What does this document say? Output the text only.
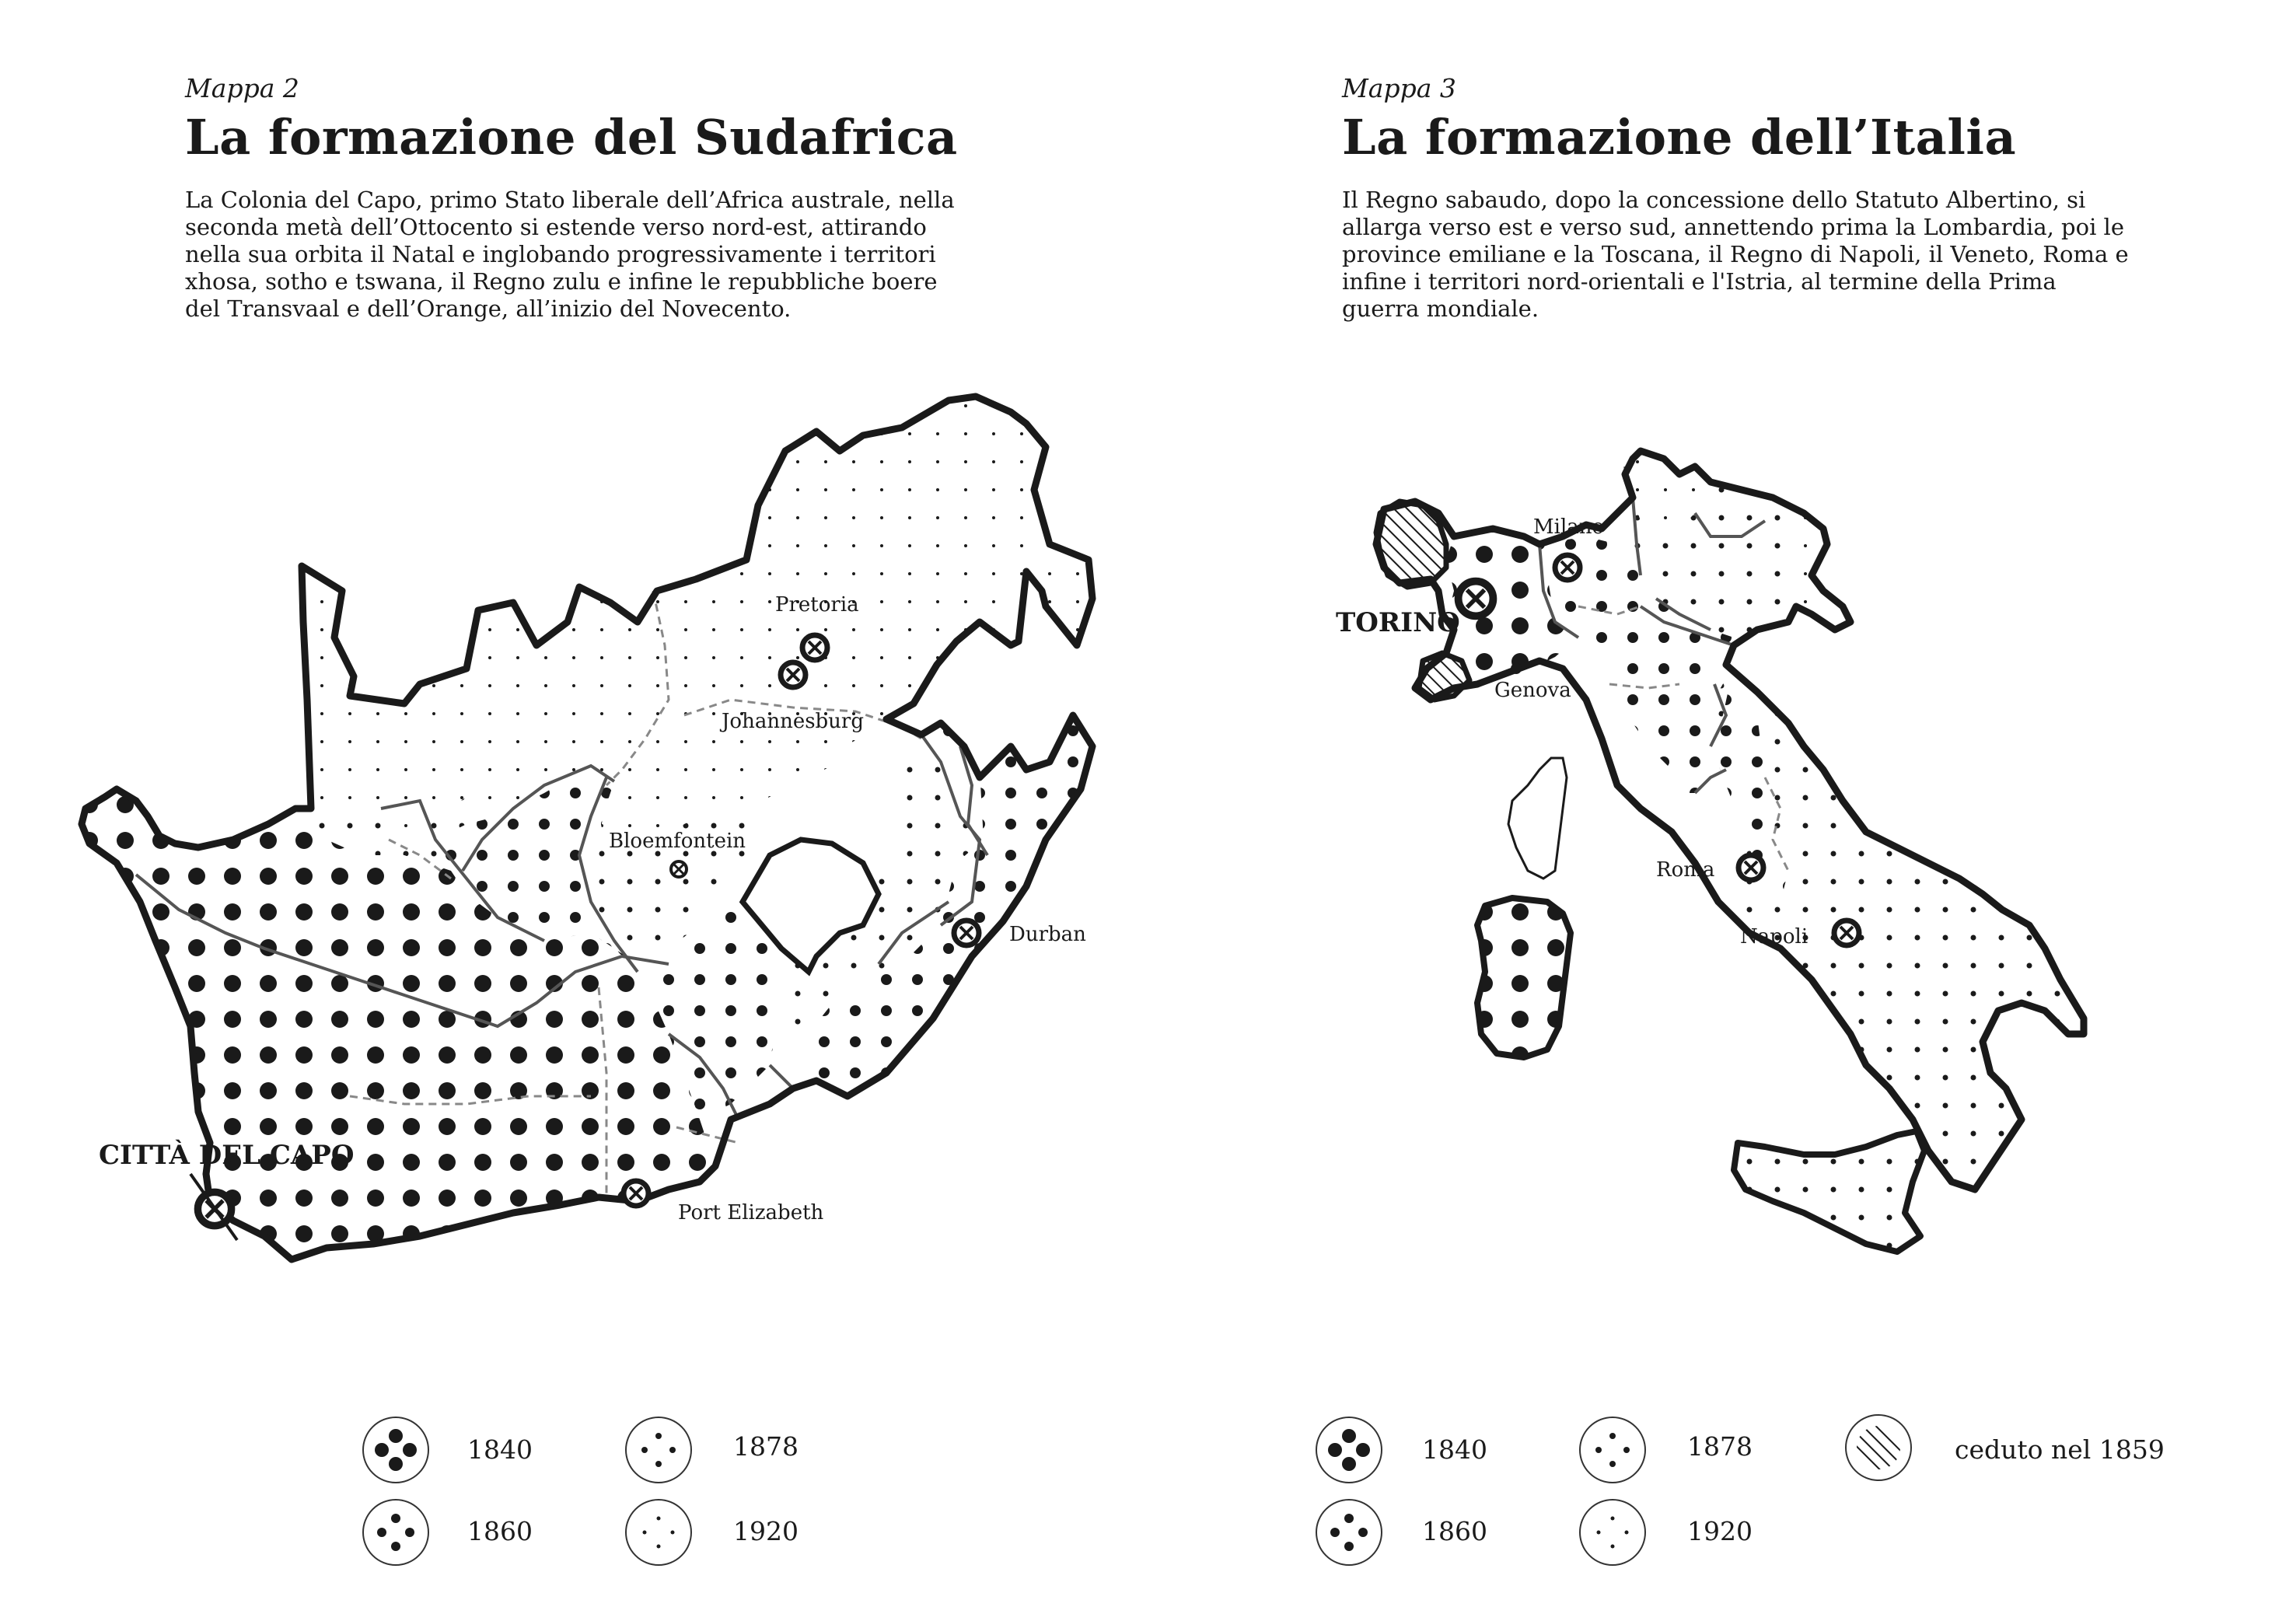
Pretoria
Johannesburg
Bloemfontein
Durban
Port Elizabeth
CITTÀ DEL CAPO
1840
1860
1878
1920
Milano
TORINO
Genova
Roma
Napoli
1840
1860
1878
1920
ceduto nel 1859
Mappa 2
La formazione del Sudafrica

La Colonia del Capo, primo Stato liberale dell’Africa australe, nella seconda metà dell’Ottocento si estende verso nord-est, attirando nella sua orbita il Natal e inglobando progressivamente i territori xhosa, sotho e tswana, il Regno zulu e infine le repubbliche boere del Transvaal e dell’Orange, all’inizio del Novecento.

Mappa 3
La formazione dell’Italia

Il Regno sabaudo, dopo la concessione dello Statuto Albertino, si allarga verso est e verso sud, annettendo prima la Lombardia, poi le province emiliane e la Toscana, il Regno di Napoli, il Veneto, Roma e infine i territori nord-orientali e l'Istria, al termine della Prima guerra mondiale.
